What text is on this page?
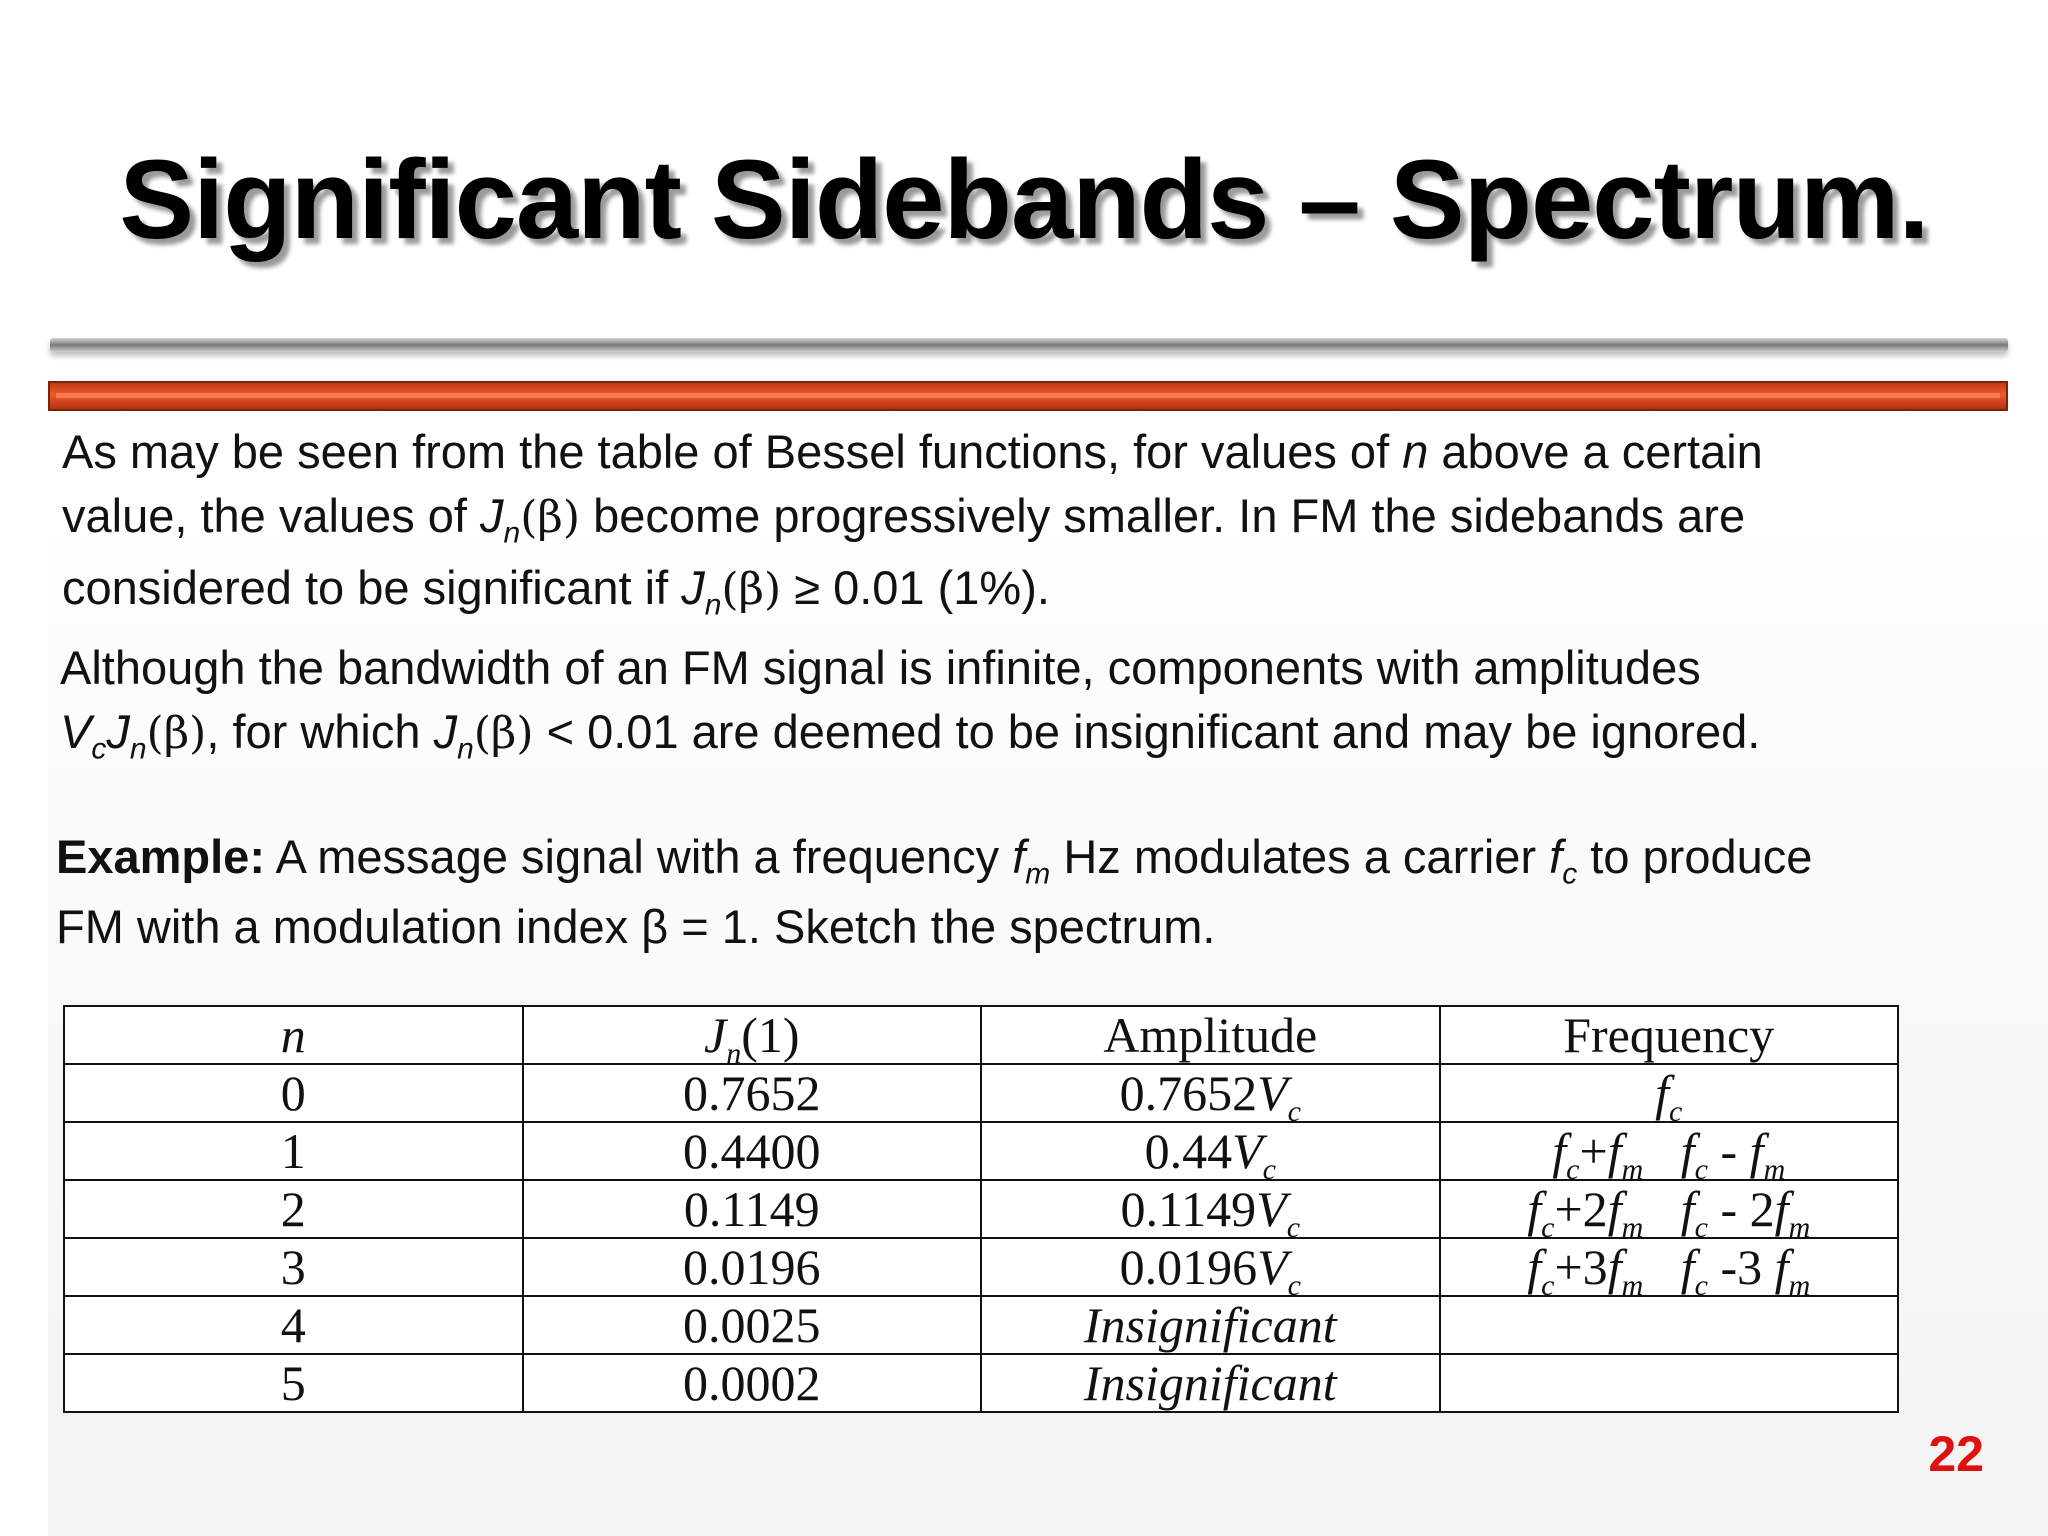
Significant Sidebands – Spectrum.
As may be seen from the table of Bessel functions, for values of n above a certain
value, the values of $J_n(\beta)$ become progressively smaller. In FM the sidebands are
considered to be significant if $J_n(\beta) \ge 0.01$ (1%).
Although the bandwidth of an FM signal is infinite, components with amplitudes
$V_cJ_n(\beta)$, for which $J_n(\beta) < 0.01$ are deemed to be insignificant and may be ignored.
Example: A message signal with a frequency $f_m$ Hz modulates a carrier $f_c$ to produce
FM with a modulation index β = 1. Sketch the spectrum.
n	$J_n(1)$	Amplitude	Frequency
0	0.7652	$0.7652V_c$	$f_c$
1	0.4400	$0.44V_c$	$f_c+f_m$ $f_c - f_m$
2	0.1149	$0.1149V_c$	$f_c+2f_m$ $f_c - 2f_m$
3	0.0196	$0.0196V_c$	$f_c+3f_m$ $f_c$ -3 $f_m$
4	0.0025	Insignificant	
5	0.0002	Insignificant	
22
